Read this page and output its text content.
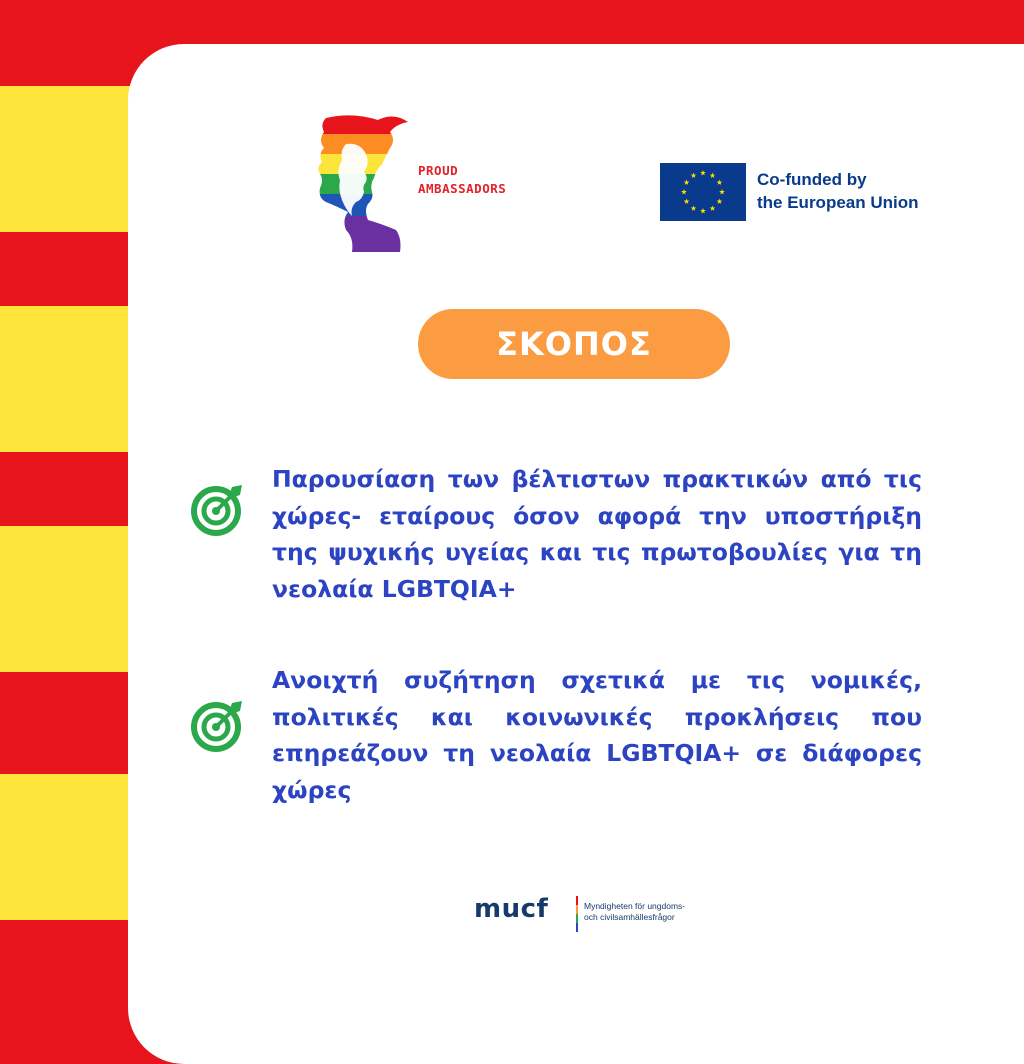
PROUD
AMBASSADORS	Co-funded by
the European Union
ΣΚΟΠΟΣ
Παρουσίαση των βέλτιστων πρακτικών από τις χώρες- εταίρους όσον αφορά την υποστήριξη της ψυχικής υγείας και τις πρωτοβουλίες για τη νεολαία LGBTQIA+
Ανοιχτή συζήτηση σχετικά με τις νομικές, πολιτικές και κοινωνικές προκλήσεις που επηρεάζουν τη νεολαία LGBTQIA+ σε διάφορες χώρες
mucf	Myndigheten för ungdoms-
och civilsamhällesfrågor
